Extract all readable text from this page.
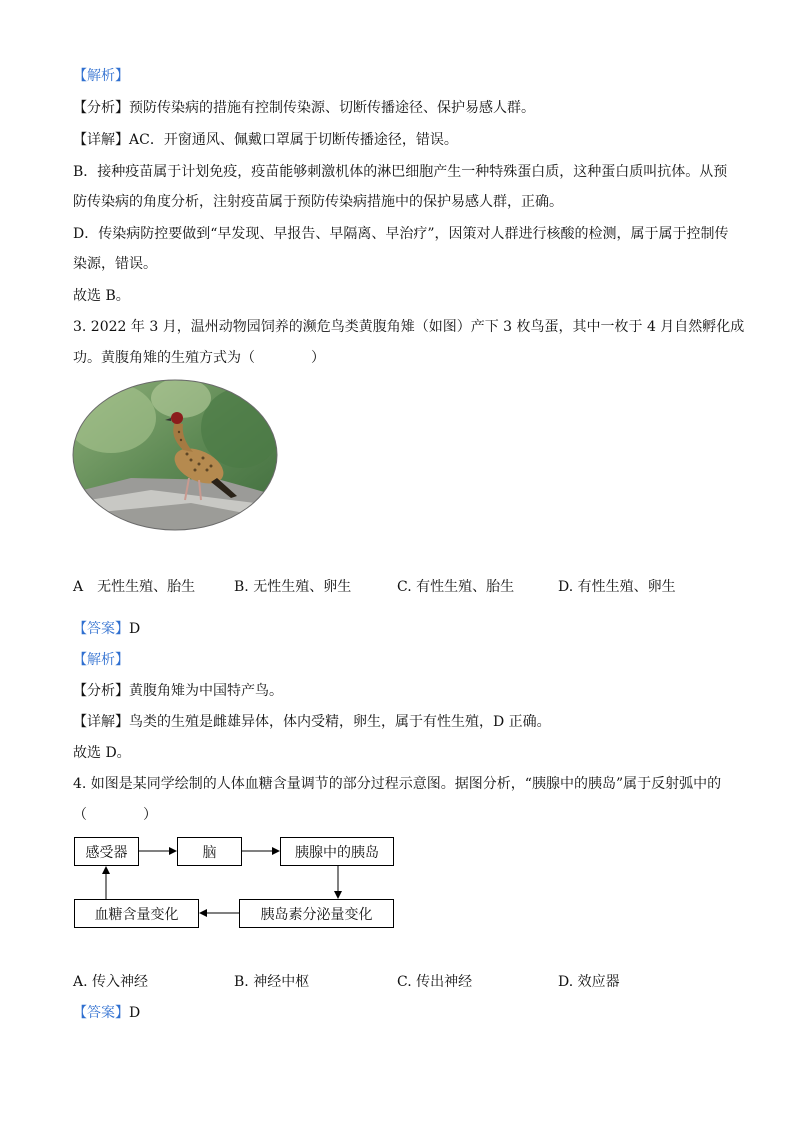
【解析】
【分析】预防传染病的措施有控制传染源、切断传播途径、保护易感人群。
【详解】AC．开窗通风、佩戴口罩属于切断传播途径，错误。
B．接种疫苗属于计划免疫，疫苗能够刺激机体的淋巴细胞产生一种特殊蛋白质，这种蛋白质叫抗体。从预
防传染病的角度分析，注射疫苗属于预防传染病措施中的保护易感人群，正确。
D．传染病防控要做到“早发现、早报告、早隔离、早治疗”，因策对人群进行核酸的检测，属于属于控制传
染源，错误。
故选 B。
3. 2022 年 3 月，温州动物园饲养的濒危鸟类黄腹角雉（如图）产下 3 枚鸟蛋，其中一枚于 4 月自然孵化成
功。黄腹角雉的生殖方式为（　　　　）
A　无性生殖、胎生	B. 无性生殖、卵生	C. 有性生殖、胎生	D. 有性生殖、卵生
【答案】D
【解析】
【分析】黄腹角雉为中国特产鸟。
【详解】鸟类的生殖是雌雄异体，体内受精，卵生，属于有性生殖，D 正确。
故选 D。
4. 如图是某同学绘制的人体血糖含量调节的部分过程示意图。据图分析，“胰腺中的胰岛”属于反射弧中的
（　　　　）
感受器	脑	胰腺中的胰岛
胰岛素分泌量变化
血糖含量变化
A. 传入神经	B. 神经中枢	C. 传出神经	D. 效应器
【答案】D
